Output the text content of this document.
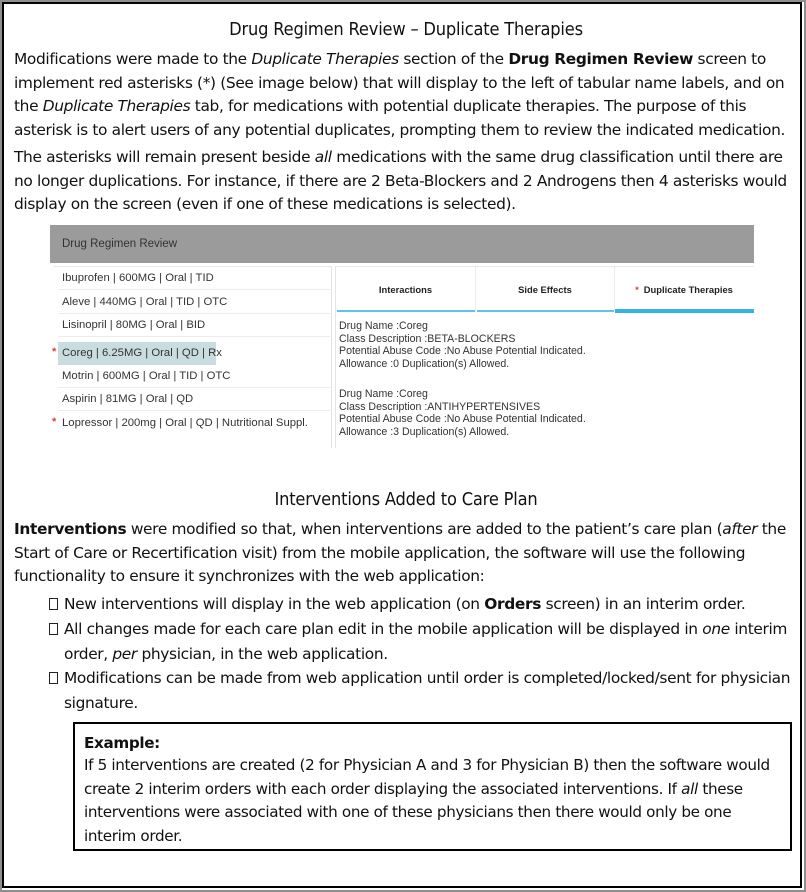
Drug Regimen Review – Duplicate Therapies

Modifications were made to the Duplicate Therapies section of the Drug Regimen Review screen to implement red asterisks (*) (See image below) that will display to the left of tabular name labels, and on the Duplicate Therapies tab, for medications with potential duplicate therapies. The purpose of this asterisk is to alert users of any potential duplicates, prompting them to review the indicated medication.

The asterisks will remain present beside all medications with the same drug classification until there are no longer duplications. For instance, if there are 2 Beta-Blockers and 2 Androgens then 4 asterisks would display on the screen (even if one of these medications is selected).

Interventions Added to Care Plan

Interventions were modified so that, when interventions are added to the patient’s care plan (after the Start of Care or Recertification visit) from the mobile application, the software will use the following functionality to ensure it synchronizes with the web application:

New interventions will display in the web application (on Orders screen) in an interim order.
All changes made for each care plan edit in the mobile application will be displayed in one interim order, per physician, in the web application.
Modifications can be made from web application until order is completed/locked/sent for physician signature.
Drug Regimen Review
Ibuprofen | 600MG | Oral | TID
Aleve | 440MG | Oral | TID | OTC
Lisinopril | 80MG | Oral | BID
* Coreg | 6.25MG | Oral | QD | Rx
Motrin | 600MG | Oral | TID | OTC
Aspirin | 81MG | Oral | QD
* Lopressor | 200mg | Oral | QD | Nutritional Suppl.
Interactions	Side Effects	* Duplicate Therapies
Drug Name :Coreg
Class Description :BETA-BLOCKERS
Potential Abuse Code :No Abuse Potential Indicated.
Allowance :0 Duplication(s) Allowed.
Drug Name :Coreg
Class Description :ANTIHYPERTENSIVES
Potential Abuse Code :No Abuse Potential Indicated.
Allowance :3 Duplication(s) Allowed.
Example:
If 5 interventions are created (2 for Physician A and 3 for Physician B) then the software would create 2 interim orders with each order displaying the associated interventions. If all these interventions were associated with one of these physicians then there would only be one interim order.
